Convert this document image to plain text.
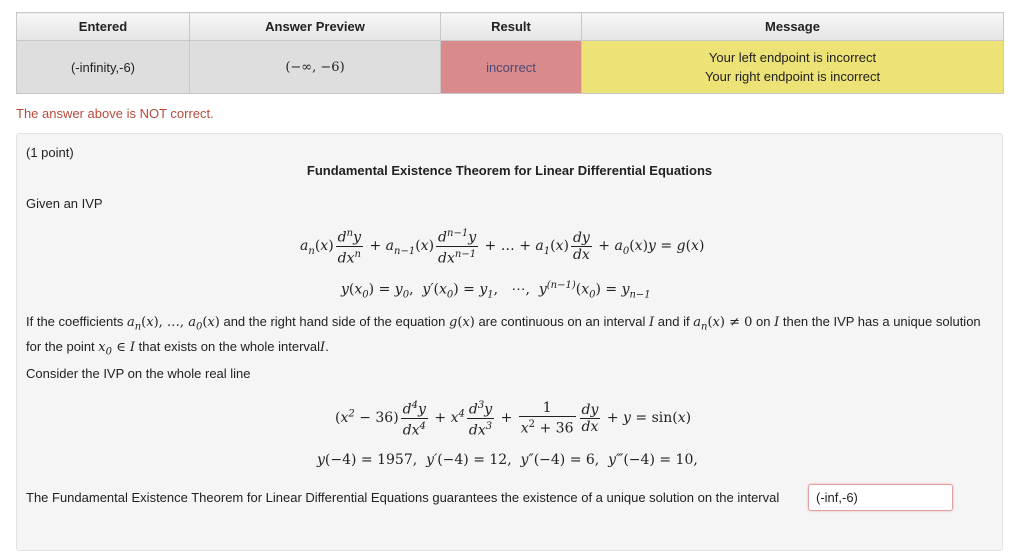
Entered	Answer Preview	Result	Message
(-infinity,-6)	(−∞, −6)	incorrect	Your left endpoint is incorrect
Your right endpoint is incorrect
The answer above is NOT correct.
(1 point)
Fundamental Existence Theorem for Linear Differential Equations
Given an IVP
$a_n(x) \frac{d^ny}{dx^n} + a_{n-1}(x) \frac{d^{n-1}y}{dx^{n-1}}$ + … + $a_1(x) \frac{dy}{dx} + a_0(x)y = g(x)$
$y(x_0) = y_0$,  $y'(x_0) = y_1$,   ⋯,  $y^{(n-1)}(x_0) = y_{n-1}$
If the coefficients $a_n(x)$, …, $a_0(x)$ and the right hand side of the equation g(x) are continuous on an interval I and if $a_n(x) \ne 0$ on I then the IVP has a unique solution for the point $x_0$ ∈ I that exists on the whole intervalI.
Consider the IVP on the whole real line
$(x^2 - 36) \frac{d^4y}{dx^4} + x^4 \frac{d^3y}{dx^3} + \frac{1}{x^2 + 36} \frac{dy}{dx} + y = \sin(x)$
y(−4) = 1957,  y′(−4) = 12,  y″(−4) = 6,  y‴(−4) = 10,
The Fundamental Existence Theorem for Linear Differential Equations guarantees the existence of a unique solution on the interval	(-inf,-6)
